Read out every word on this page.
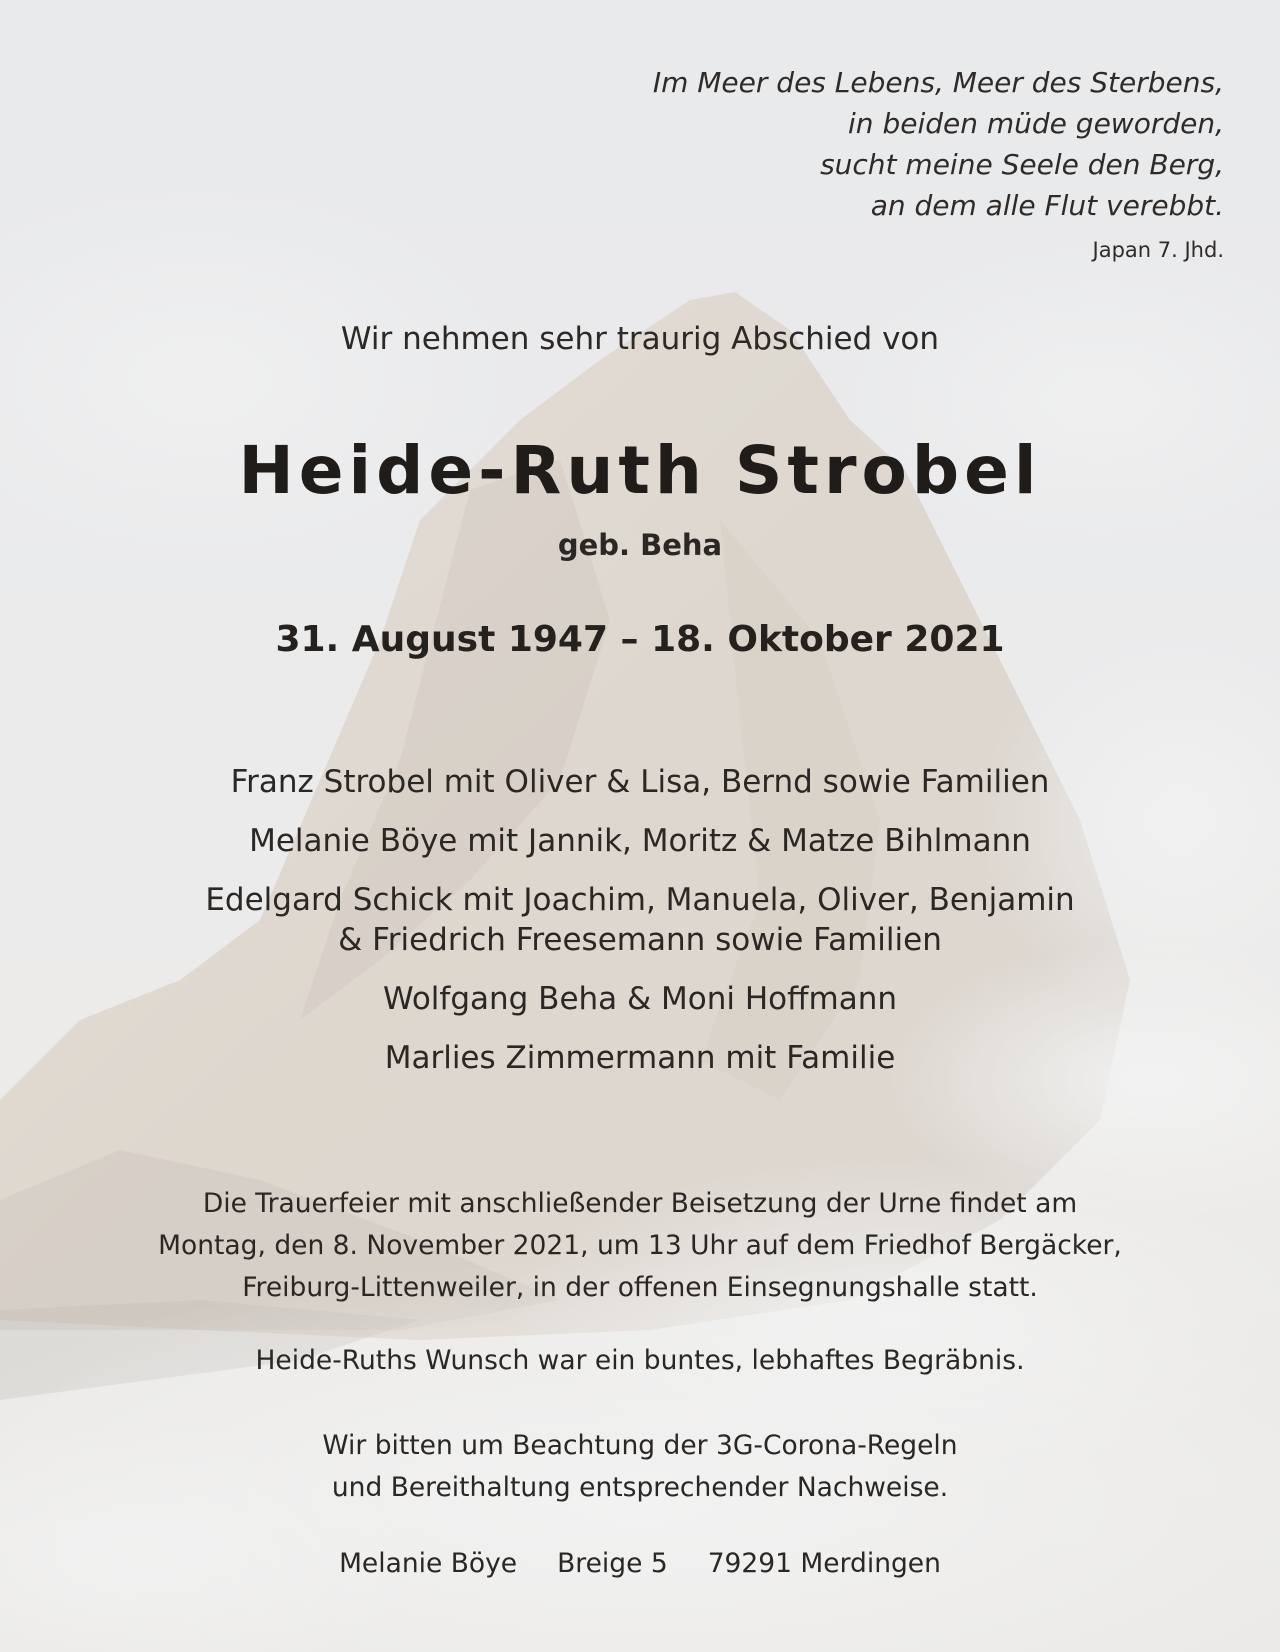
Im Meer des Lebens, Meer des Sterbens,
in beiden müde geworden,
sucht meine Seele den Berg,
an dem alle Flut verebbt.
Japan 7. Jhd.
Wir nehmen sehr traurig Abschied von
Heide-Ruth Strobel
geb. Beha
31. August 1947 – 18. Oktober 2021
Franz Strobel mit Oliver & Lisa, Bernd sowie Familien
Melanie Böye mit Jannik, Moritz & Matze Bihlmann
Edelgard Schick mit Joachim, Manuela, Oliver, Benjamin
& Friedrich Freesemann sowie Familien
Wolfgang Beha & Moni Hoffmann
Marlies Zimmermann mit Familie
Die Trauerfeier mit anschließender Beisetzung der Urne findet am
Montag, den 8. November 2021, um 13 Uhr auf dem Friedhof Bergäcker,
Freiburg-Littenweiler, in der offenen Einsegnungshalle statt.
Heide-Ruths Wunsch war ein buntes, lebhaftes Begräbnis.
Wir bitten um Beachtung der 3G-Corona-Regeln
und Bereithaltung entsprechender Nachweise.
Melanie Böye Breige 5 79291 Merdingen
